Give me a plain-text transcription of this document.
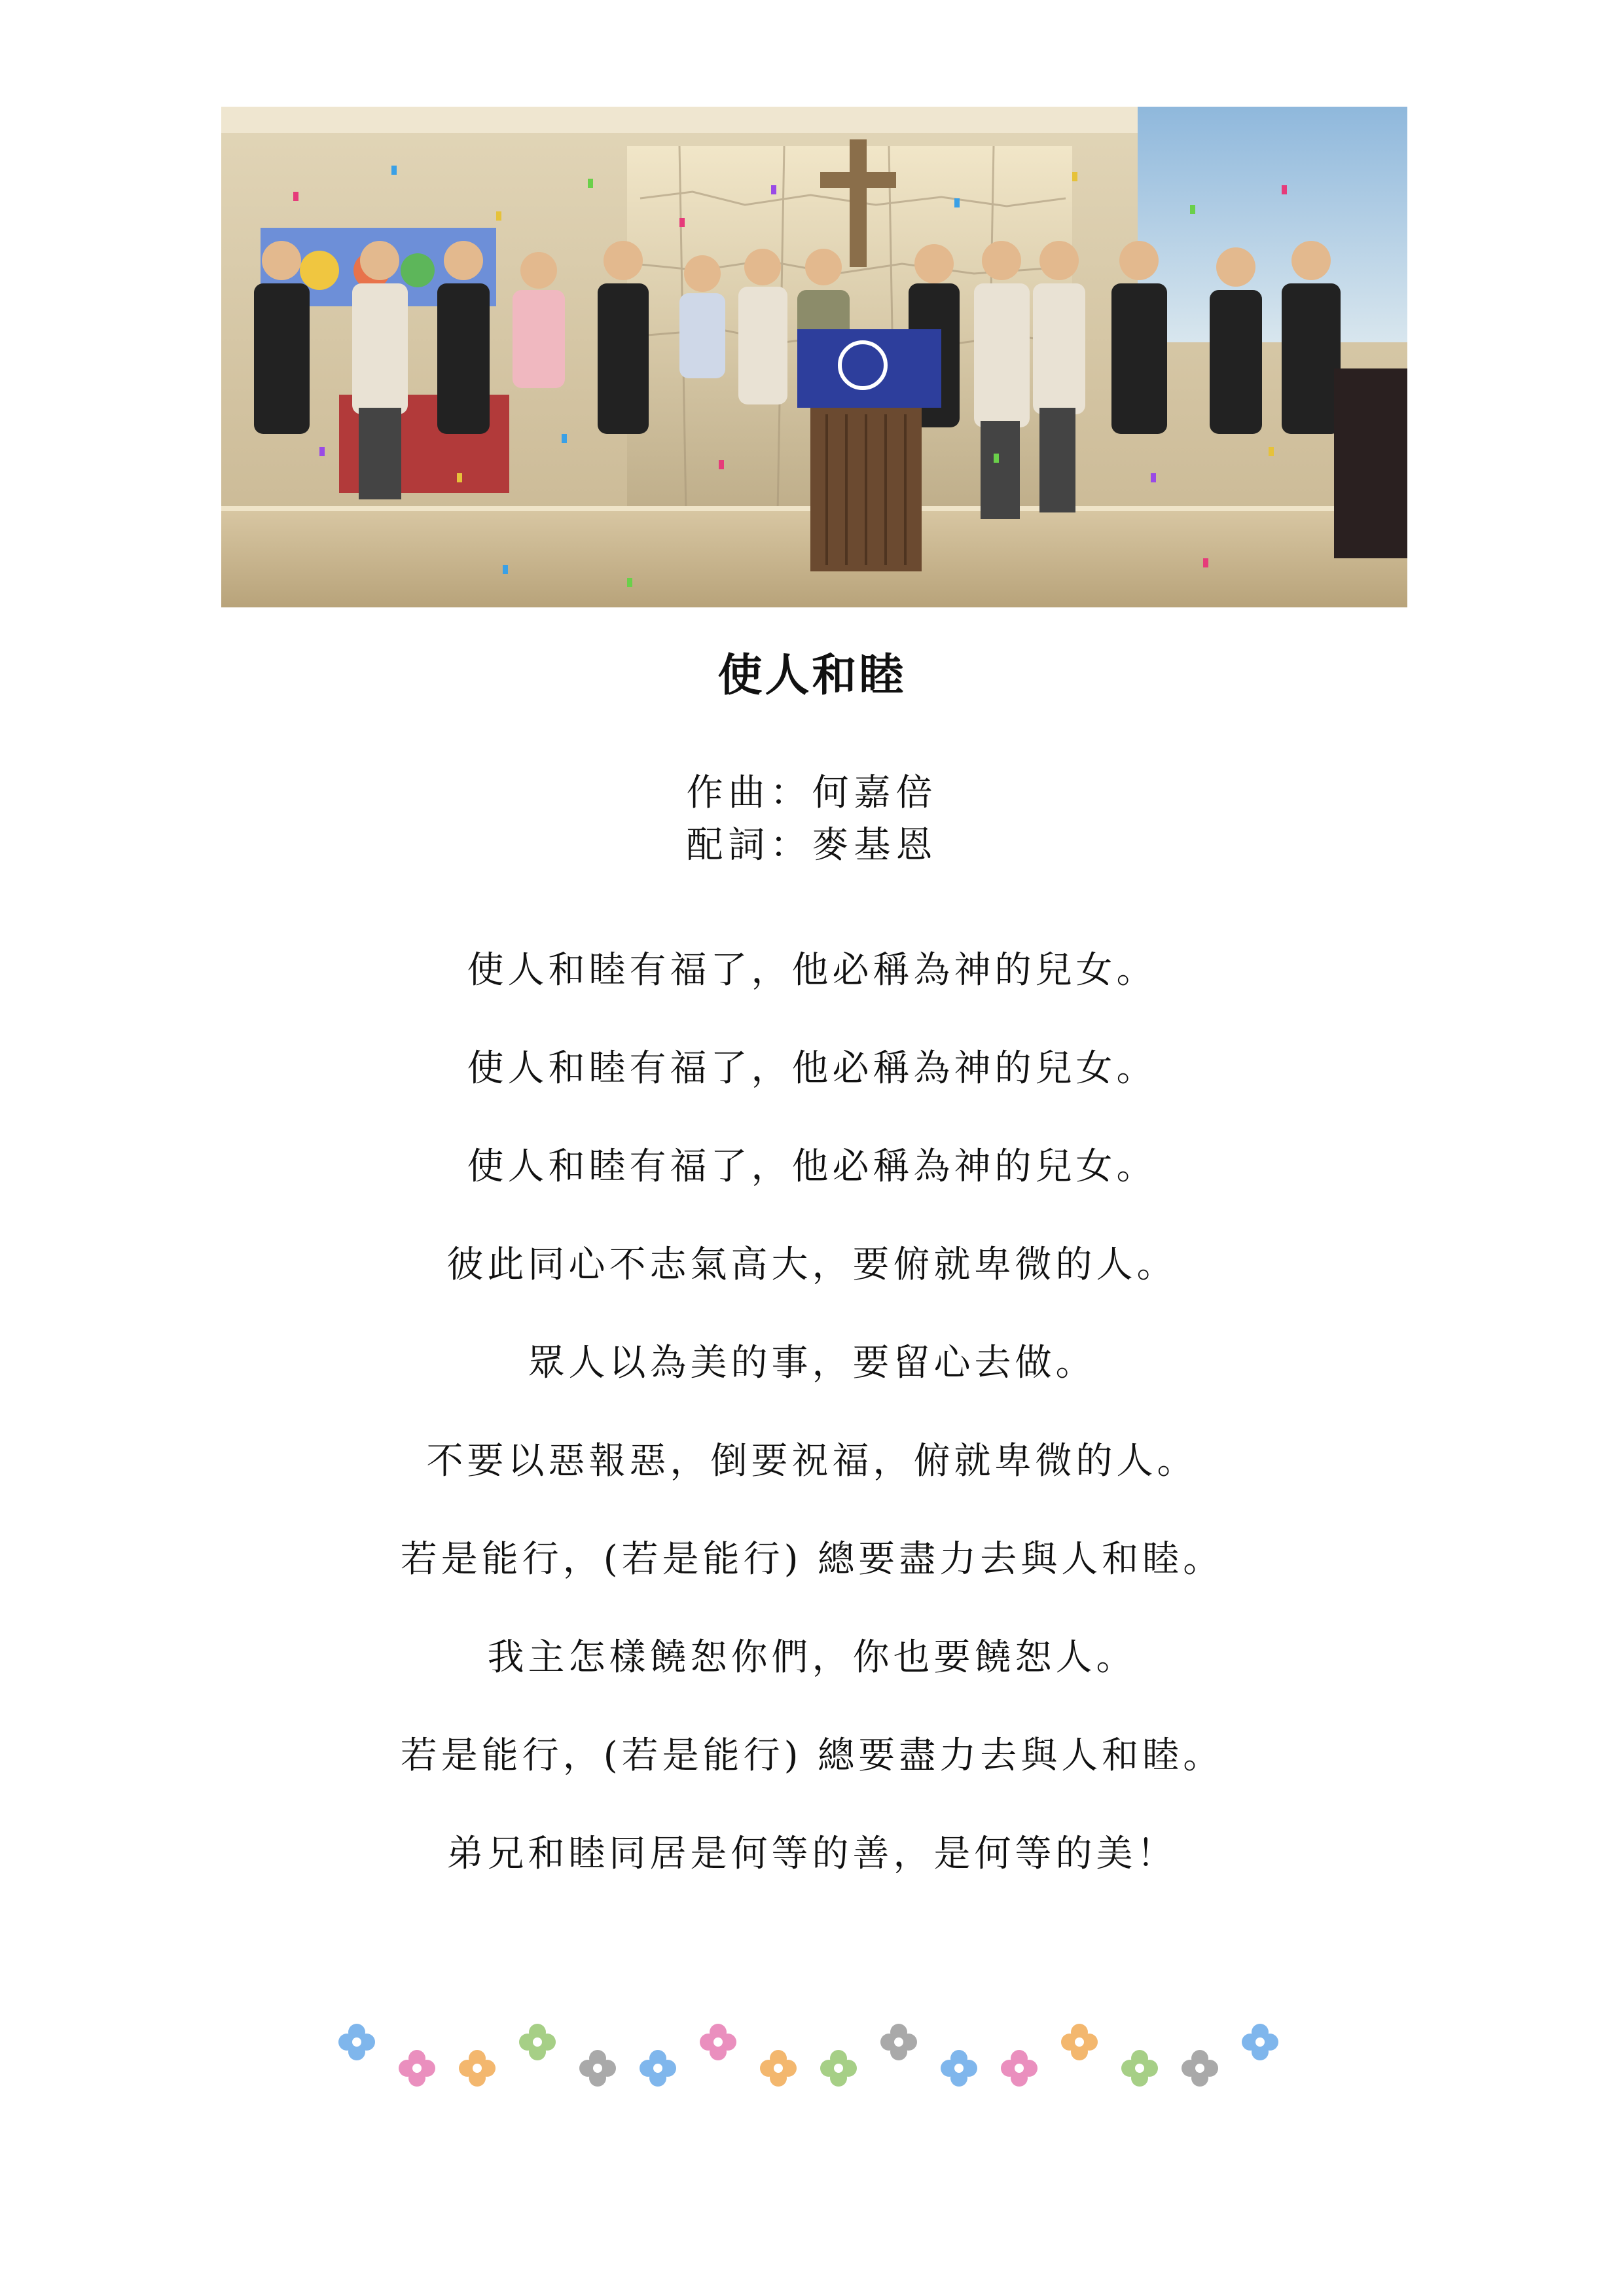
使人和睦
作曲：何嘉倍
配詞：麥基恩
使人和睦有福了，他必稱為神的兒女。
使人和睦有福了，他必稱為神的兒女。
使人和睦有福了，他必稱為神的兒女。
彼此同心不志氣高大，要俯就卑微的人。
眾人以為美的事，要留心去做。
不要以惡報惡，倒要祝福，俯就卑微的人。
若是能行，(若是能行) 總要盡力去與人和睦。
我主怎樣饒恕你們，你也要饒恕人。
若是能行，(若是能行) 總要盡力去與人和睦。
弟兄和睦同居是何等的善，是何等的美！
